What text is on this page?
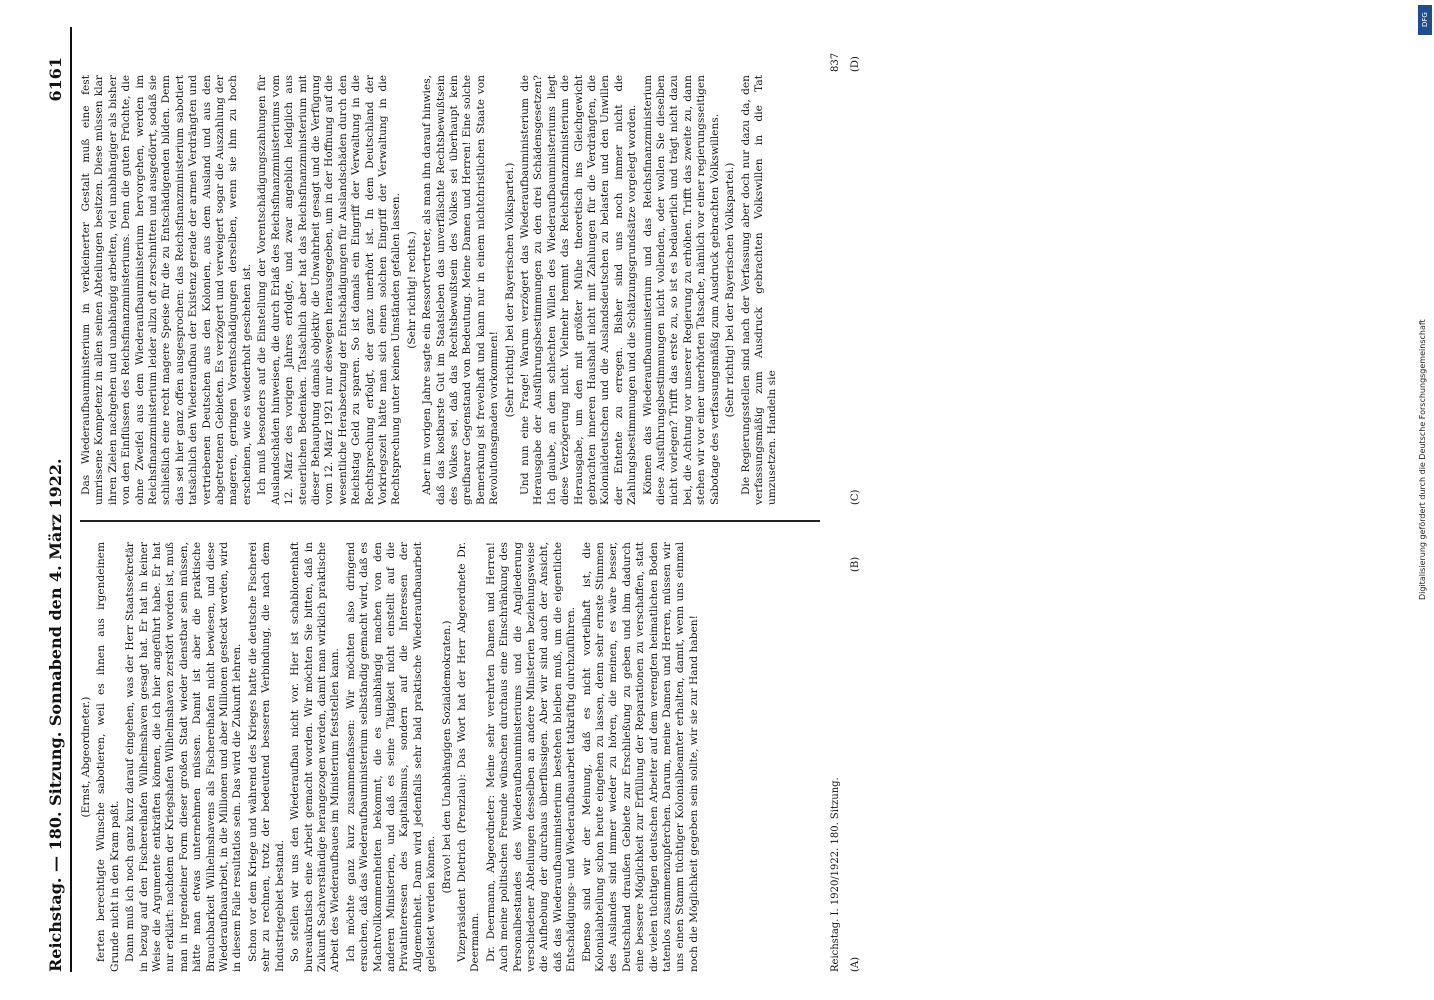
Reichstag. — 180. Sitzung. Sonnabend den 4. März 1922.
6161

(Ernst, Abgeordneter.) ferten berechtigte Wünsche sabotieren, weil es ihnen aus irgendeinem Grunde nicht in den Kram paßt. Dann muß ich noch ganz kurz darauf eingehen, was der Herr Staatssekretär in bezug auf den Fischereihafen Wilhelmshaven gesagt hat. Er hat in keiner Weise die Argumente entkräften können, die ich hier angeführt habe. Er hat nur erklärt: nachdem der Kriegshafen Wilhelmshaven zerstört worden ist, muß man in irgendeiner Form dieser großen Stadt wieder dienstbar sein müssen, hätte man etwas unternehmen müssen. Damit ist aber die praktische Brauchbarkeit Wilhelmshavens als Fischereihafen nicht bewiesen, und diese Wiederaufbauarbeit, in die Millionen und aber Millionen gesteckt werden, wird in diesem Falle resultatlos sein. Das wird die Zukunft lehren. Schon vor dem Kriege und während des Krieges hatte die deutsche Fischerei sehr zu rechnen, trotz der bedeutend besseren Verbindung, die nach dem Industriegebiet bestand. So stellen wir uns den Wiederaufbau nicht vor. Hier ist schablonenhaft bureaukratisch eine Arbeit gemacht worden. Wir möchten Sie bitten, daß in Zukunft Sachverständige herangezogen werden, damit man wirklich praktische Arbeit des Wiederaufbaues im Ministerium feststellen kann. Ich möchte ganz kurz zusammenfassen: Wir möchten also dringend ersuchen, daß das Wiederaufbauministerium selbständig gemacht wird, daß es Machtvollkommenheiten bekommt, die es unabhängig machen von den anderen Ministerien, und daß es seine Tätigkeit nicht einstellt auf die Privatinteressen des Kapitalismus, sondern auf die Interessen der Allgemeinheit. Dann wird jedenfalls sehr bald praktische Wiederaufbauarbeit geleistet werden können.

(Bravo! bei den Unabhängigen Sozialdemokraten.) Vizepräsident Dietrich (Prenzlau): Das Wort hat der Herr Abgeordnete Dr. Deermann. Dr. Deermann, Abgeordneter: Meine sehr verehrten Damen und Herren! Auch meine politischen Freunde wünschen durchaus eine Einschränkung des Personalbestandes des Wiederaufbauministeriums und die Angliederung verschiedener Abteilungen desselben an andere Ministerien beziehungsweise die Aufhebung der durchaus überflüssigen. Aber wir sind auch der Ansicht, daß das Wiederaufbauministerium bestehen bleiben muß, um die eigentliche Entschädigungs- und Wiederaufbauarbeit tatkräftig durchzuführen. Ebenso sind wir der Meinung, daß es nicht vorteilhaft ist, die Kolonialabteilung schon heute eingehen zu lassen, denn sehr ernste Stimmen des Auslandes sind immer wieder zu hören, die meinen, es wäre besser, Deutschland draußen Gebiete zur Erschließung zu geben und ihm dadurch eine bessere Möglichkeit zur Erfüllung der Reparationen zu verschaffen, statt die vielen tüchtigen deutschen Arbeiter auf dem verengten heimatlichen Boden tatenlos zusammenzupferchen. Darum, meine Damen und Herren, müssen wir uns einen Stamm tüchtiger Kolonialbeamter erhalten, damit, wenn uns einmal noch die Möglichkeit gegeben sein sollte, wir sie zur Hand haben!

Das Wiederaufbauministerium in verkleinerter Gestalt muß eine fest umrissene Kompetenz in allen seinen Abteilungen besitzen. Diese müssen klar ihren Zielen nachgehen und unabhängig arbeiten, viel unabhängiger als bisher von den Einflüssen des Reichsfinanzministeriums. Denn die guten Früchte, die ohne Zweifel aus dem Wiederaufbauministerium hervorgehen, werden im Reichsfinanzministerium leider allzu oft zerschnitten und ausgedörrt, sodaß sie schließlich eine recht magere Speise für die zu Entschädigenden bilden. Denn das sei hier ganz offen ausgesprochen: das Reichsfinanzministerium sabotiert tatsächlich den Wiederaufbau der Existenz gerade der armen Verdrängten und vertriebenen Deutschen aus den Kolonien, aus dem Ausland und aus den abgetretenen Gebieten. Es verzögert und verweigert sogar die Auszahlung der mageren, geringen Vorentschädigungen derselben, wenn sie ihm zu hoch erscheinen, wie es wiederholt geschehen ist. Ich muß besonders auf die Einstellung der Vorentschädigungszahlungen für Auslandschäden hinweisen, die durch Erlaß des Reichsfinanzministeriums vom 12. März des vorigen Jahres erfolgte, und zwar angeblich lediglich aus steuerlichen Bedenken. Tatsächlich aber hat das Reichsfinanzministerium mit dieser Behauptung damals objektiv die Unwahrheit gesagt und die Verfügung vom 12. März 1921 nur deswegen herausgegeben, um in der Hoffnung auf die wesentliche Herabsetzung der Entschädigungen für Auslandschäden durch den Reichstag Geld zu sparen. So ist damals ein Eingriff der Verwaltung in die Rechtsprechung erfolgt, der ganz unerhört ist. In dem Deutschland der Vorkriegszeit hätte man sich einen solchen Eingriff der Verwaltung in die Rechtsprechung unter keinen Umständen gefallen lassen. (Sehr richtig! rechts.) Aber im vorigen Jahre sagte ein Ressortvertreter, als man ihn darauf hinwies, daß das kostbarste Gut im Staatsleben das unverfälschte Rechtsbewußtsein des Volkes sei, daß das Rechtsbewußtsein des Volkes sei überhaupt kein greifbarer Gegenstand von Bedeutung. Meine Damen und Herren! Eine solche Bemerkung ist frevelhaft und kann nur in einem nichtchristlichen Staate von Revolutionsgnaden vorkommen!

(Sehr richtig! bei der Bayerischen Volkspartei.) Und nun eine Frage! Warum verzögert das Wiederaufbauministerium die Herausgabe der Ausführungsbestimmungen zu den drei Schädensgesetzen? Ich glaube, an dem schlechten Willen des Wiederaufbauministeriums liegt diese Verzögerung nicht. Vielmehr hemmt das Reichsfinanzministerium die Herausgabe, um den mit größter Mühe theoretisch ins Gleichgewicht gebrachten inneren Haushalt nicht mit Zahlungen für die Verdrängten, die Kolonialdeutschen und die Auslandsdeutschen zu belasten und den Unwillen der Entente zu erregen. Bisher sind uns noch immer nicht die Zahlungsbestimmungen und die Schätzungsgrundsätze vorgelegt worden. Können das Wiederaufbauministerium und das Reichsfinanzministerium diese Ausführungsbestimmungen nicht vollenden, oder wollen Sie dieselben nicht vorlegen? Trifft das erste zu, so ist es bedauerlich und trägt nicht dazu bei, die Achtung vor unserer Regierung zu erhöhen. Trifft das zweite zu, dann stehen wir vor einer unerhörten Tatsache, nämlich vor einer regierungsseitigen Sabotage des verfassungsmäßig zum Ausdruck gebrachten Volkswillens. (Sehr richtig! bei der Bayerischen Volkspartei.) Die Regierungsstellen sind nach der Verfassung aber doch nur dazu da, den verfassungsmäßig zum Ausdruck gebrachten Volkswillen in die Tat umzusetzen. Handeln sie

Reichstag. I. 1920/1922. 180. Sitzung.
837
(A)
(B)
(C)
(D)
DFG
Digitalisierung gefördert durch die Deutsche Forschungsgemeinschaft
